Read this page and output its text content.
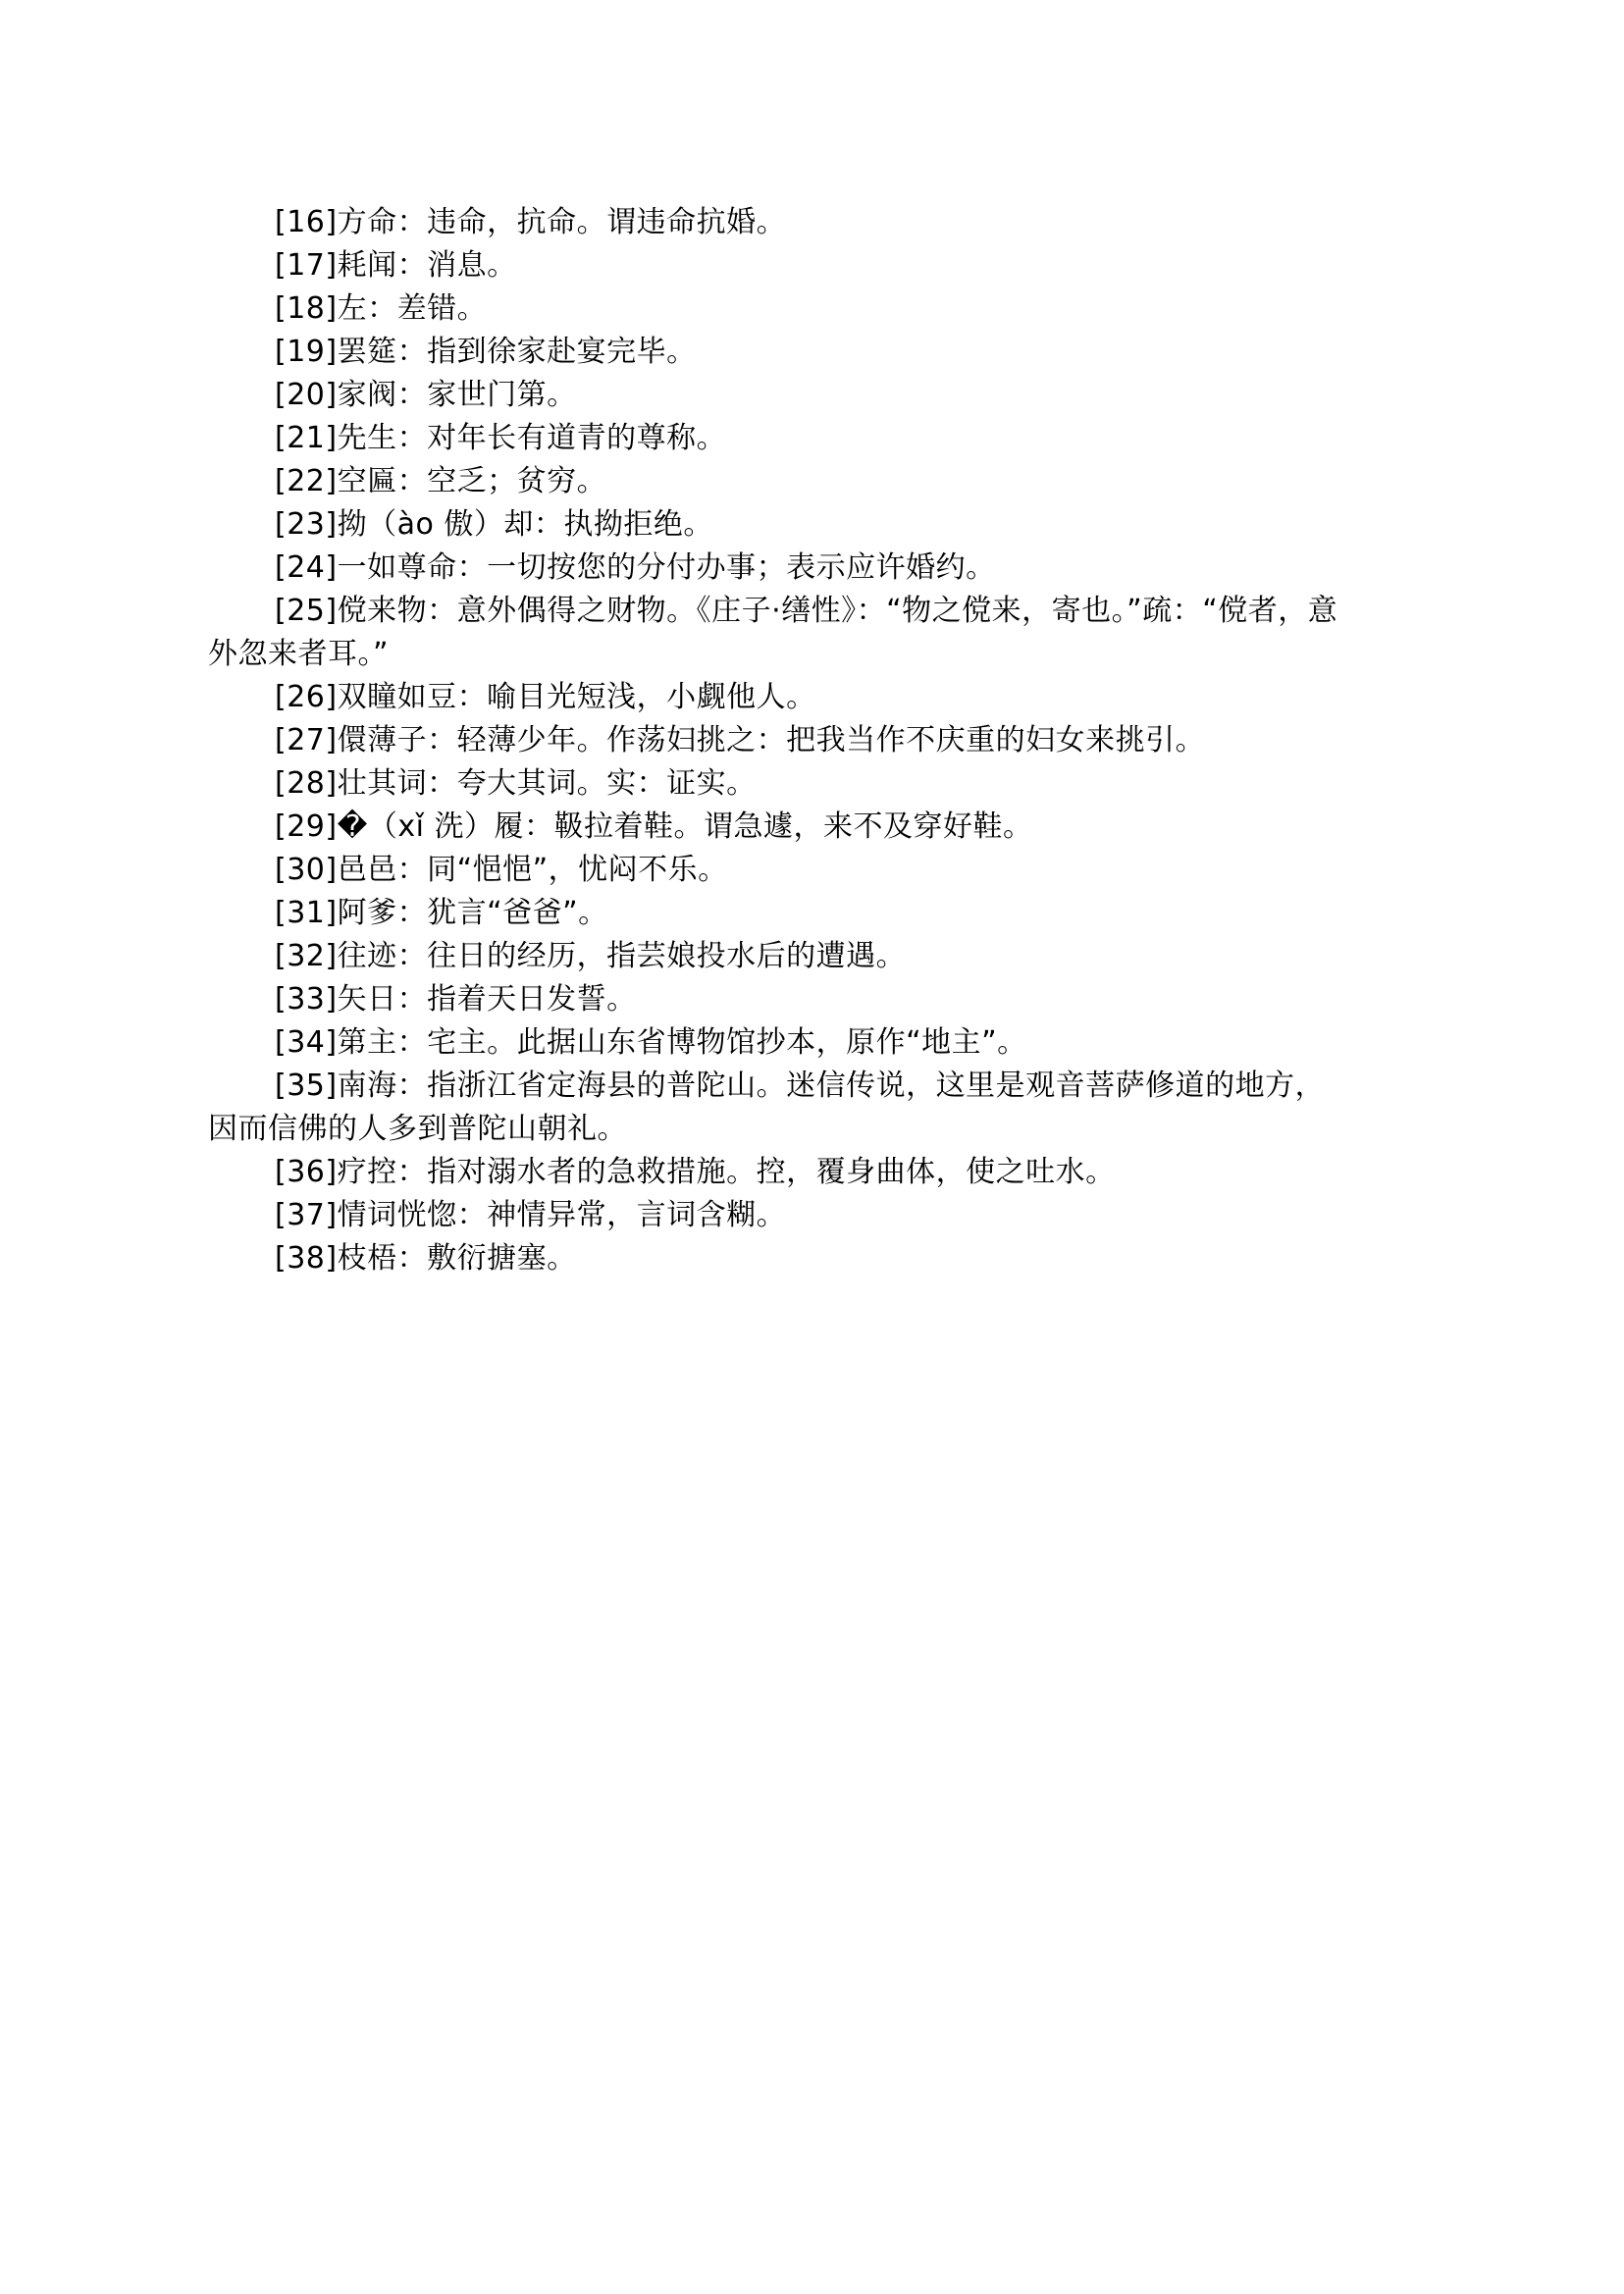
[16]方命：违命，抗命。谓违命抗婚。

[17]耗闻：消息。

[18]左：差错。

[19]罢筵：指到徐家赴宴完毕。

[20]家阀：家世门第。

[21]先生：对年长有道青的尊称。

[22]空匾：空乏；贫穷。

[23]拗（ào 傲）却：执拗拒绝。

[24]一如尊命：一切按您的分付办事；表示应许婚约。

[25]傥来物：意外偶得之财物。《庄子·缮性》：“物之傥来，寄也。”疏：“傥者，意外忽来者耳。”

[26]双瞳如豆：喻目光短浅，小觑他人。

[27]儇薄子：轻薄少年。作荡妇挑之：把我当作不庆重的妇女来挑引。

[28]壮其词：夸大其词。实：证实。

[29]�（xǐ 洗）履：靸拉着鞋。谓急遽，来不及穿好鞋。

[30]邑邑：同“悒悒”，忧闷不乐。

[31]阿爹：犹言“爸爸”。

[32]往迹：往日的经历，指芸娘投水后的遭遇。

[33]矢日：指着天日发誓。

[34]第主：宅主。此据山东省博物馆抄本，原作“地主”。

[35]南海：指浙江省定海县的普陀山。迷信传说，这里是观音菩萨修道的地方，因而信佛的人多到普陀山朝礼。

[36]疗控：指对溺水者的急救措施。控，覆身曲体，使之吐水。

[37]情词恍惚：神情异常，言词含糊。

[38]枝梧：敷衍搪塞。
